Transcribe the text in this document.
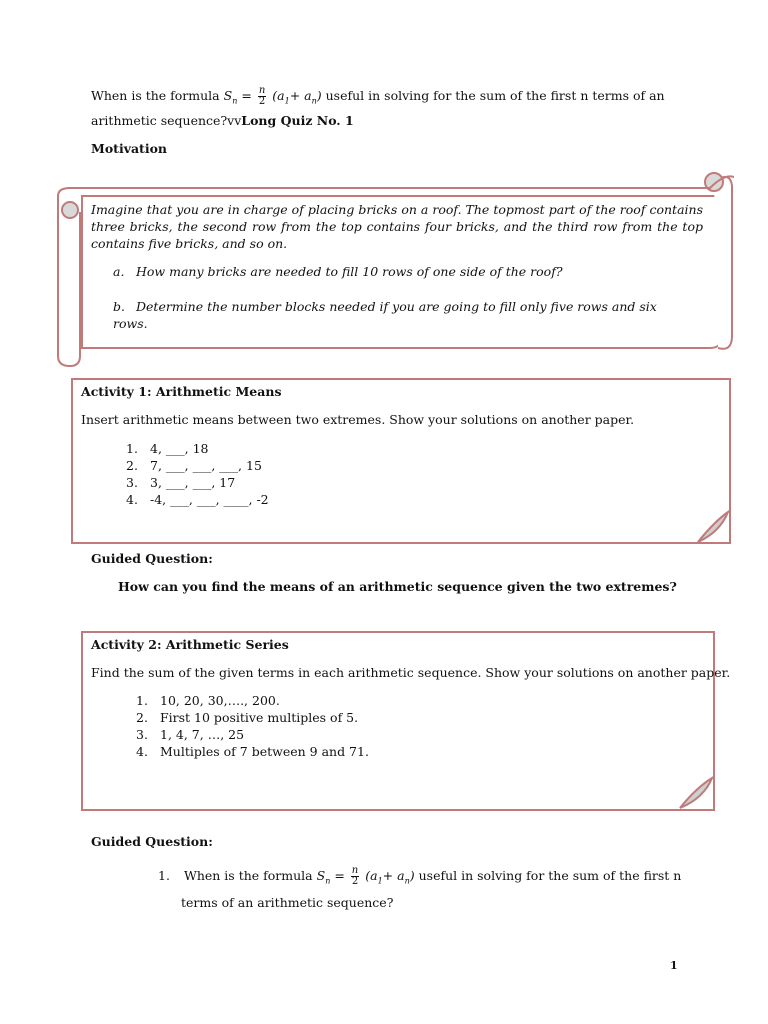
When is the formula $S_n = \frac{n}{2} (a_1+ a_n)$ useful in solving for the sum of the first n terms of an
arithmetic sequence?vvLong Quiz No. 1
Motivation
Imagine that you are in charge of placing bricks on a roof. The topmost part of the roof contains three bricks, the second row from the top contains four bricks, and the third row from the top contains five bricks, and so on.
a. How many bricks are needed to fill 10 rows of one side of the roof?
b. Determine the number blocks needed if you are going to fill only five rows and six rows.
Activity 1: Arithmetic Means
Insert arithmetic means between two extremes. Show your solutions on another paper.
1. 4, ___, 18
2. 7, ___, ___, ___, 15
3. 3, ___, ___, 17
4. -4, ___, ___, ____, -2
Guided Question:
How can you find the means of an arithmetic sequence given the two extremes?
Activity 2: Arithmetic Series
Find the sum of the given terms in each arithmetic sequence. Show your solutions on another paper.
1. 10, 20, 30,…., 200.
2. First 10 positive multiples of 5.
3. 1, 4, 7, …, 25
4. Multiples of 7 between 9 and 71.
Guided Question:
1. When is the formula $S_n = \frac{n}{2} (a_1+ a_n)$ useful in solving for the sum of the first n
terms of an arithmetic sequence?
1
